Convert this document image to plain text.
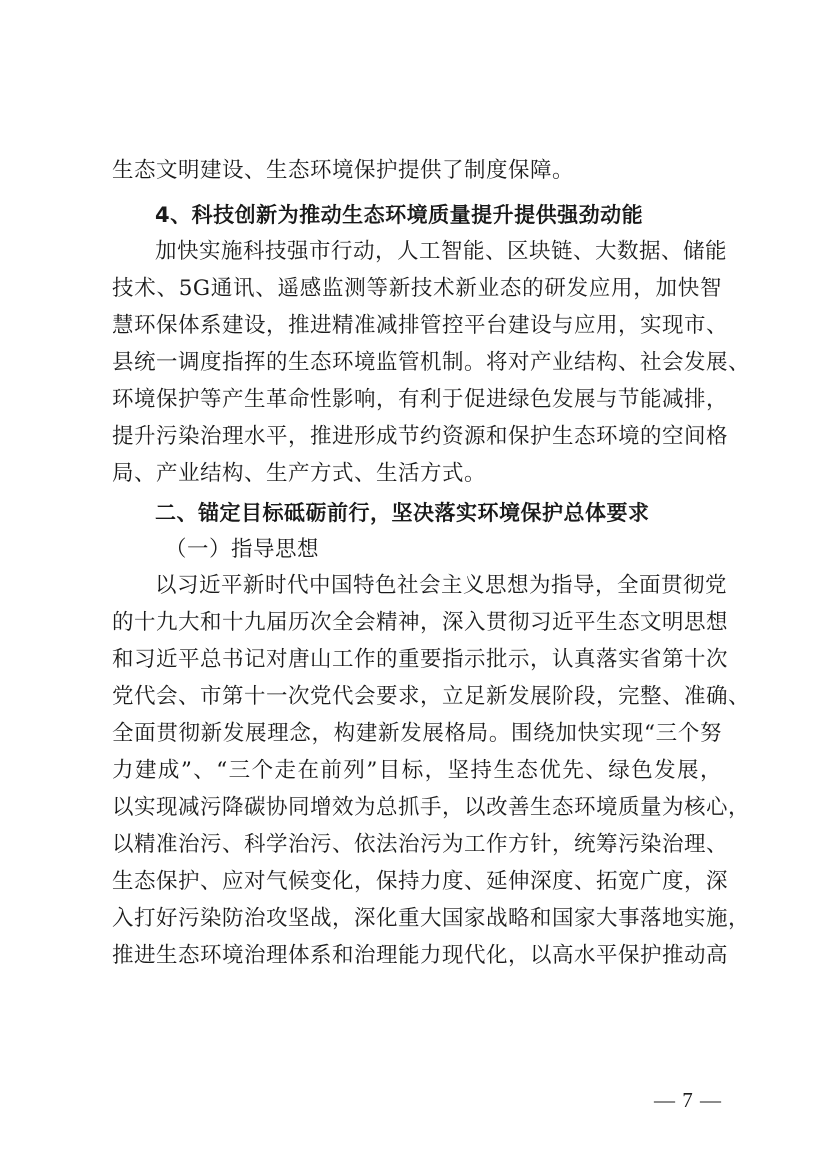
生态文明建设、生态环境保护提供了制度保障。
4、科技创新为推动生态环境质量提升提供强劲动能
加快实施科技强市行动，人工智能、区块链、大数据、储能
技术、5G通讯、遥感监测等新技术新业态的研发应用，加快智
慧环保体系建设，推进精准减排管控平台建设与应用，实现市、
县统一调度指挥的生态环境监管机制。将对产业结构、社会发展、
环境保护等产生革命性影响，有利于促进绿色发展与节能减排，
提升污染治理水平，推进形成节约资源和保护生态环境的空间格
局、产业结构、生产方式、生活方式。
二、锚定目标砥砺前行，坚决落实环境保护总体要求
（一）指导思想
以习近平新时代中国特色社会主义思想为指导，全面贯彻党
的十九大和十九届历次全会精神，深入贯彻习近平生态文明思想
和习近平总书记对唐山工作的重要指示批示，认真落实省第十次
党代会、市第十一次党代会要求，立足新发展阶段，完整、准确、
全面贯彻新发展理念，构建新发展格局。围绕加快实现“三个努
力建成”、“三个走在前列”目标，坚持生态优先、绿色发展，
以实现减污降碳协同增效为总抓手，以改善生态环境质量为核心，
以精准治污、科学治污、依法治污为工作方针，统筹污染治理、
生态保护、应对气候变化，保持力度、延伸深度、拓宽广度，深
入打好污染防治攻坚战，深化重大国家战略和国家大事落地实施，
推进生态环境治理体系和治理能力现代化，以高水平保护推动高
— 7 —
